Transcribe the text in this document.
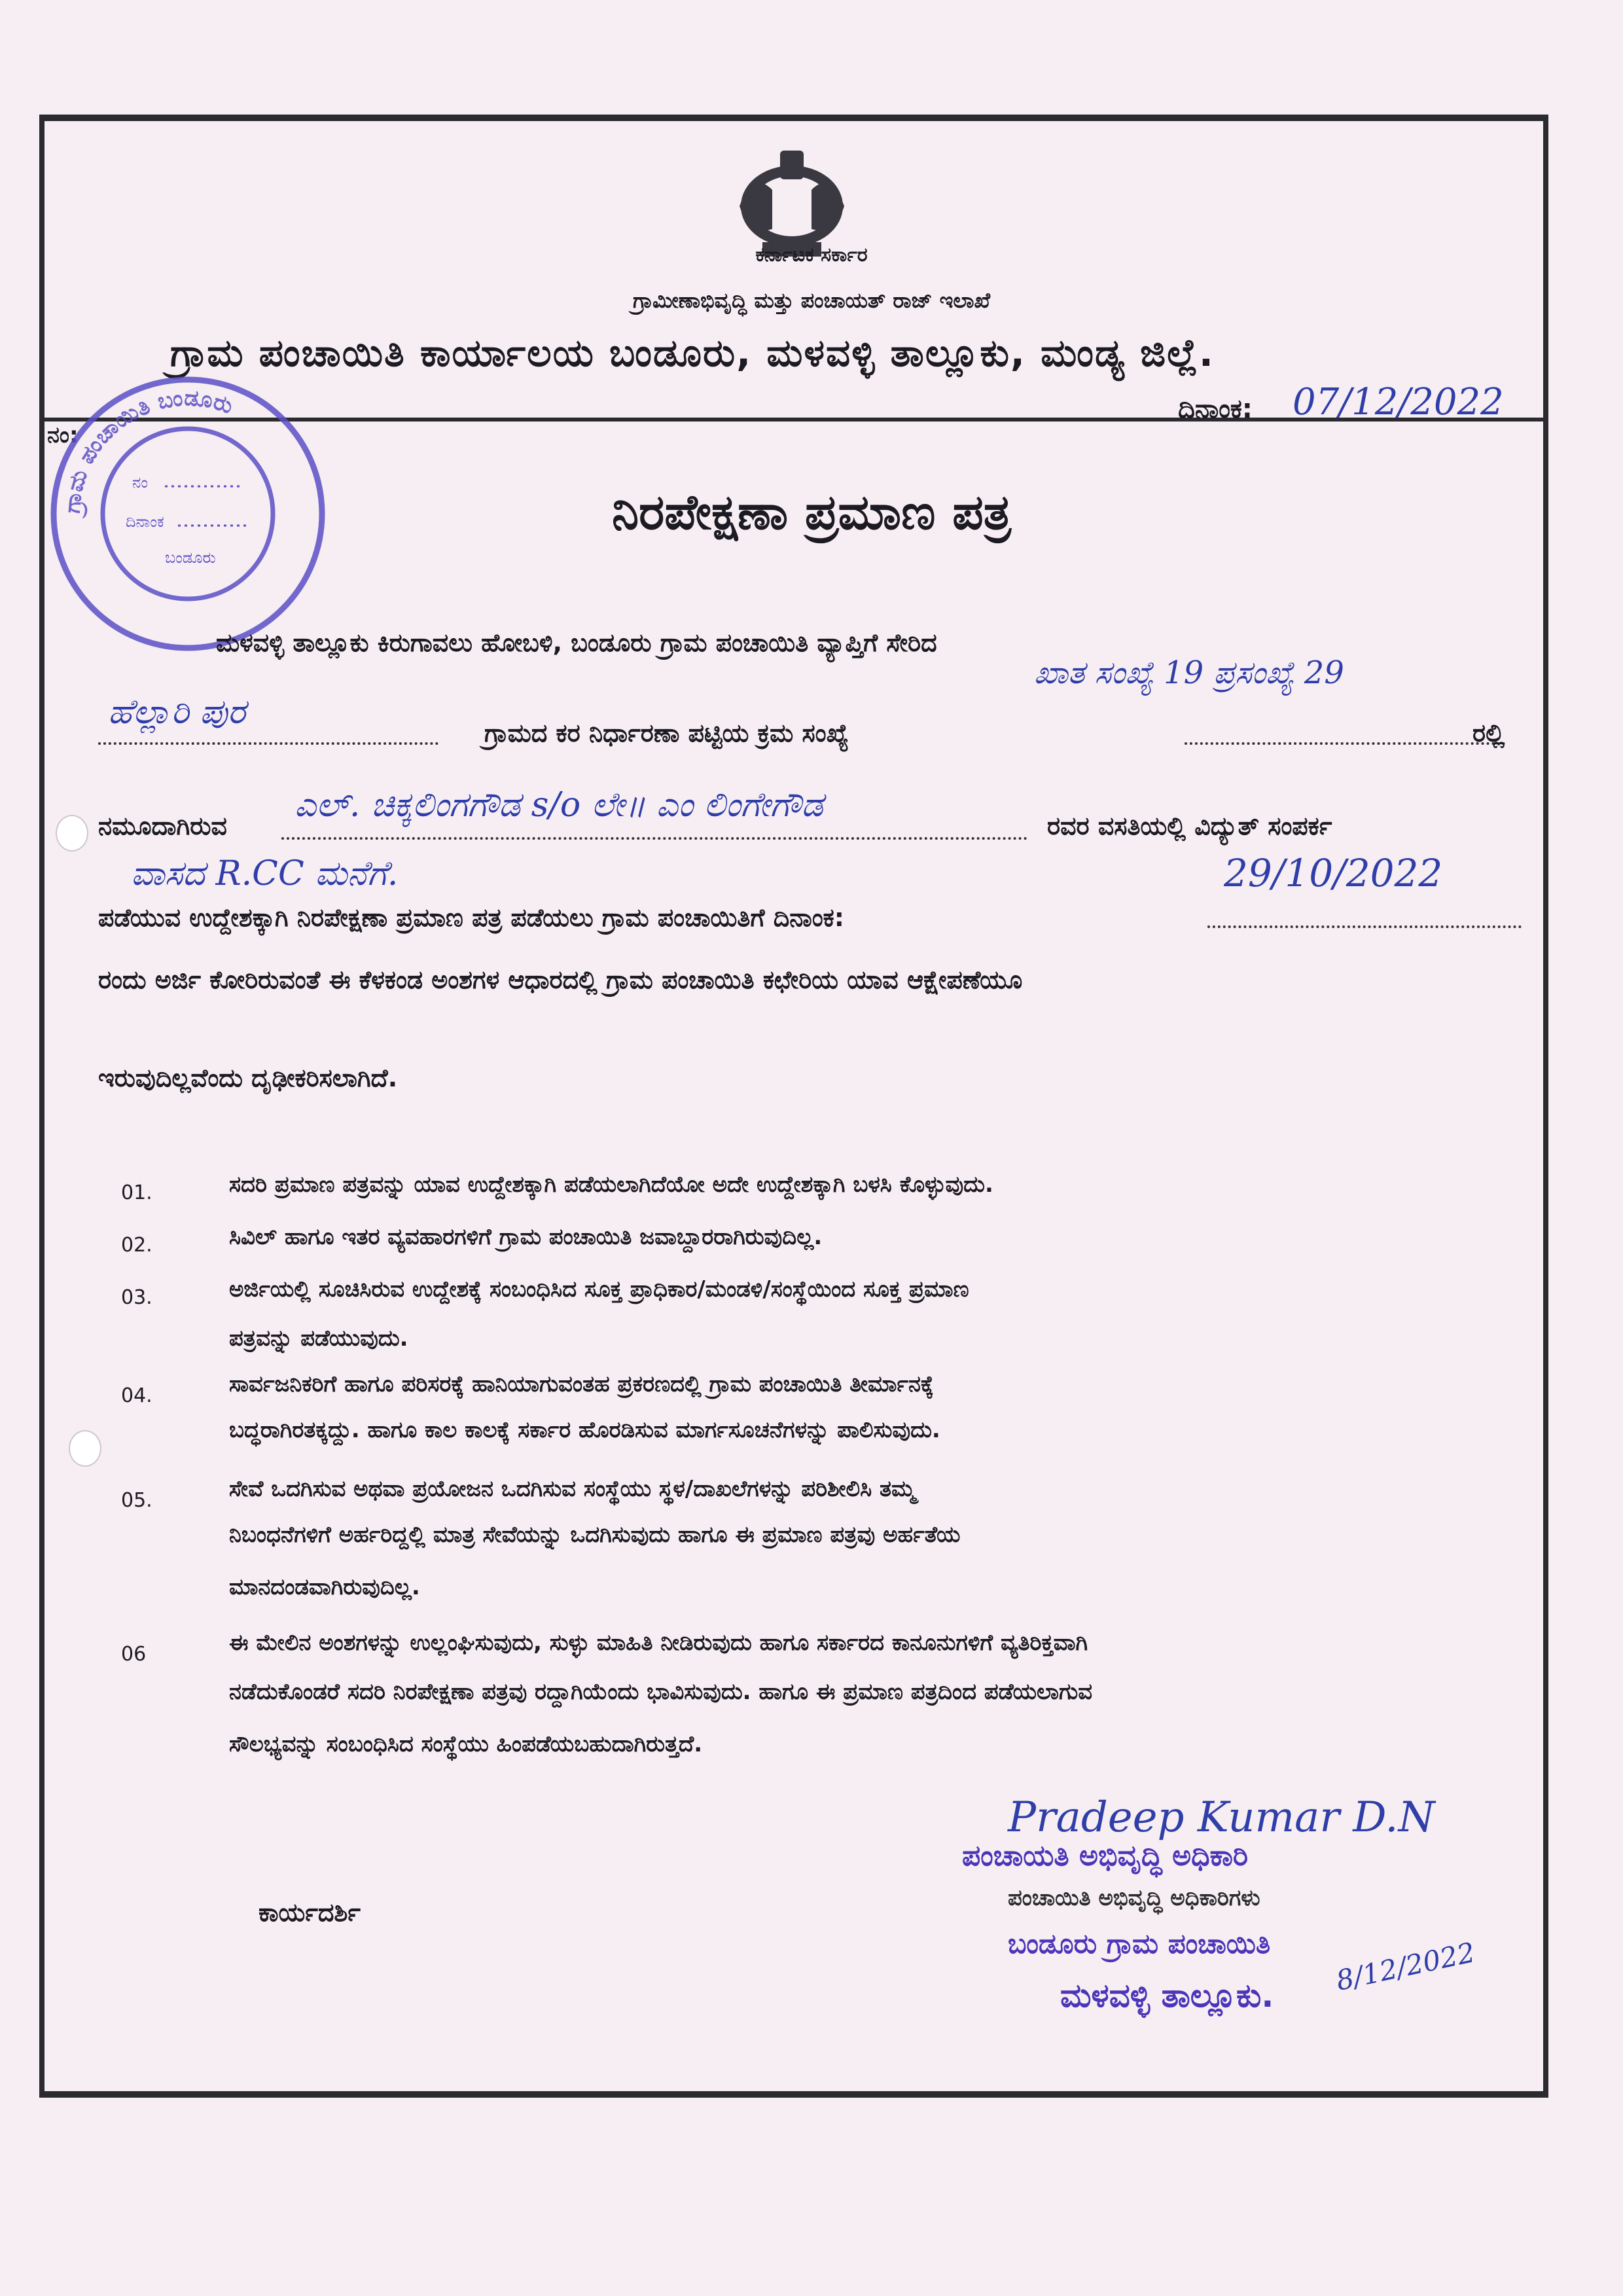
ಕರ್ನಾಟಕ ಸರ್ಕಾರ
ಗ್ರಾಮೀಣಾಭಿವೃದ್ಧಿ ಮತ್ತು ಪಂಚಾಯತ್ ರಾಜ್ ಇಲಾಖೆ
ಗ್ರಾಮ ಪಂಚಾಯಿತಿ ಕಾರ್ಯಾಲಯ ಬಂಡೂರು, ಮಳವಳ್ಳಿ ತಾಲ್ಲೂಕು, ಮಂಡ್ಯ ಜಿಲ್ಲೆ.
ನಂ:
ದಿನಾಂಕ: 07/12/2022
ಗ್ರಾಮ ಪಂಚಾಯಿತಿ ಬಂಡೂರು
ನಂ
ದಿನಾಂಕ
ಬಂಡೂರು
ನಿರಪೇಕ್ಷಣಾ ಪ್ರಮಾಣ ಪತ್ರ
ಮಳವಳ್ಳಿ ತಾಲ್ಲೂಕು ಕಿರುಗಾವಲು ಹೋಬಳಿ, ಬಂಡೂರು ಗ್ರಾಮ ಪಂಚಾಯಿತಿ ವ್ಯಾಪ್ತಿಗೆ ಸೇರಿದ
ಹೆಲ್ಲಾರಿ ಪುರ
ಗ್ರಾಮದ ಕರ ನಿರ್ಧಾರಣಾ ಪಟ್ಟಿಯ ಕ್ರಮ ಸಂಖ್ಯೆ
ಖಾತ ಸಂಖ್ಯೆ 19 ಪ್ರಸಂಖ್ಯೆ 29
ರಲ್ಲಿ
ನಮೂದಾಗಿರುವ
ಎಲ್. ಚಿಕ್ಕಲಿಂಗಗೌಡ s/o ಲೇ॥ ಎಂ ಲಿಂಗೇಗೌಡ
ರವರ ವಸತಿಯಲ್ಲಿ ವಿದ್ಯುತ್ ಸಂಪರ್ಕ
ವಾಸದ R.CC ಮನೆಗೆ.
ಪಡೆಯುವ ಉದ್ದೇಶಕ್ಕಾಗಿ ನಿರಪೇಕ್ಷಣಾ ಪ್ರಮಾಣ ಪತ್ರ ಪಡೆಯಲು ಗ್ರಾಮ ಪಂಚಾಯಿತಿಗೆ ದಿನಾಂಕ:
29/10/2022
ರಂದು ಅರ್ಜಿ ಕೋರಿರುವಂತೆ ಈ ಕೆಳಕಂಡ ಅಂಶಗಳ ಆಧಾರದಲ್ಲಿ ಗ್ರಾಮ ಪಂಚಾಯಿತಿ ಕಛೇರಿಯ ಯಾವ ಆಕ್ಷೇಪಣೆಯೂ
ಇರುವುದಿಲ್ಲವೆಂದು ದೃಢೀಕರಿಸಲಾಗಿದೆ.
01.	ಸದರಿ ಪ್ರಮಾಣ ಪತ್ರವನ್ನು ಯಾವ ಉದ್ದೇಶಕ್ಕಾಗಿ ಪಡೆಯಲಾಗಿದೆಯೋ ಅದೇ ಉದ್ದೇಶಕ್ಕಾಗಿ ಬಳಸಿ ಕೊಳ್ಳುವುದು.
02.	ಸಿವಿಲ್ ಹಾಗೂ ಇತರ ವ್ಯವಹಾರಗಳಿಗೆ ಗ್ರಾಮ ಪಂಚಾಯಿತಿ ಜವಾಬ್ದಾರರಾಗಿರುವುದಿಲ್ಲ.
03.	ಅರ್ಜಿಯಲ್ಲಿ ಸೂಚಿಸಿರುವ ಉದ್ದೇಶಕ್ಕೆ ಸಂಬಂಧಿಸಿದ ಸೂಕ್ತ ಪ್ರಾಧಿಕಾರ/ಮಂಡಳಿ/ಸಂಸ್ಥೆಯಿಂದ ಸೂಕ್ತ ಪ್ರಮಾಣ
ಪತ್ರವನ್ನು ಪಡೆಯುವುದು.
04.	ಸಾರ್ವಜನಿಕರಿಗೆ ಹಾಗೂ ಪರಿಸರಕ್ಕೆ ಹಾನಿಯಾಗುವಂತಹ ಪ್ರಕರಣದಲ್ಲಿ ಗ್ರಾಮ ಪಂಚಾಯಿತಿ ತೀರ್ಮಾನಕ್ಕೆ
ಬದ್ಧರಾಗಿರತಕ್ಕದ್ದು. ಹಾಗೂ ಕಾಲ ಕಾಲಕ್ಕೆ ಸರ್ಕಾರ ಹೊರಡಿಸುವ ಮಾರ್ಗಸೂಚನೆಗಳನ್ನು ಪಾಲಿಸುವುದು.
05.	ಸೇವೆ ಒದಗಿಸುವ ಅಥವಾ ಪ್ರಯೋಜನ ಒದಗಿಸುವ ಸಂಸ್ಥೆಯು ಸ್ಥಳ/ದಾಖಲೆಗಳನ್ನು ಪರಿಶೀಲಿಸಿ ತಮ್ಮ
ನಿಬಂಧನೆಗಳಿಗೆ ಅರ್ಹರಿದ್ದಲ್ಲಿ ಮಾತ್ರ ಸೇವೆಯನ್ನು ಒದಗಿಸುವುದು ಹಾಗೂ ಈ ಪ್ರಮಾಣ ಪತ್ರವು ಅರ್ಹತೆಯ
ಮಾನದಂಡವಾಗಿರುವುದಿಲ್ಲ.
06	ಈ ಮೇಲಿನ ಅಂಶಗಳನ್ನು ಉಲ್ಲಂಘಿಸುವುದು, ಸುಳ್ಳು ಮಾಹಿತಿ ನೀಡಿರುವುದು ಹಾಗೂ ಸರ್ಕಾರದ ಕಾನೂನುಗಳಿಗೆ ವ್ಯತಿರಿಕ್ತವಾಗಿ
ನಡೆದುಕೊಂಡರೆ ಸದರಿ ನಿರಪೇಕ್ಷಣಾ ಪತ್ರವು ರದ್ದಾಗಿಯೆಂದು ಭಾವಿಸುವುದು. ಹಾಗೂ ಈ ಪ್ರಮಾಣ ಪತ್ರದಿಂದ ಪಡೆಯಲಾಗುವ
ಸೌಲಭ್ಯವನ್ನು ಸಂಬಂಧಿಸಿದ ಸಂಸ್ಥೆಯು ಹಿಂಪಡೆಯಬಹುದಾಗಿರುತ್ತದೆ.
Pradeep Kumar D.N
ಪಂಚಾಯತಿ ಅಭಿವೃದ್ಧಿ ಅಧಿಕಾರಿ
ಪಂಚಾಯಿತಿ ಅಭಿವೃದ್ಧಿ ಅಧಿಕಾರಿಗಳು
ಬಂಡೂರು ಗ್ರಾಮ ಪಂಚಾಯಿತಿ
ಮಳವಳ್ಳಿ ತಾಲ್ಲೂಕು. 8/12/2022
ಕಾರ್ಯದರ್ಶಿ
